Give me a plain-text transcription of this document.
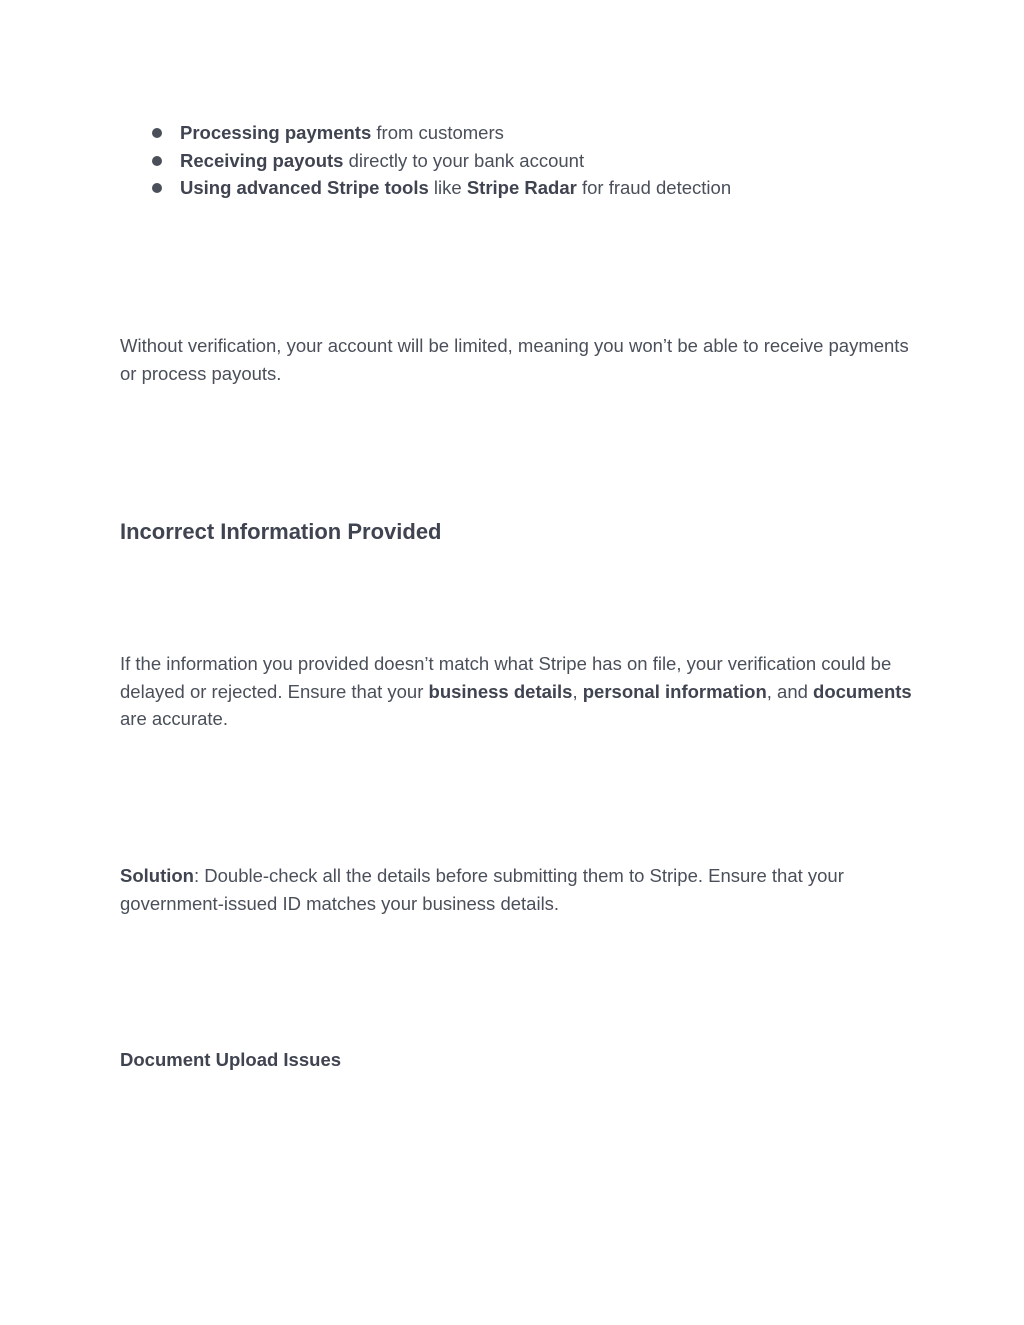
Processing payments from customers
Receiving payouts directly to your bank account
Using advanced Stripe tools like Stripe Radar for fraud detection

Without verification, your account will be limited, meaning you won’t be able to receive payments or process payouts.

Incorrect Information Provided

If the information you provided doesn’t match what Stripe has on file, your verification could be delayed or rejected. Ensure that your business details, personal information, and documents are accurate.

Solution: Double-check all the details before submitting them to Stripe. Ensure that your government-issued ID matches your business details.

Document Upload Issues
